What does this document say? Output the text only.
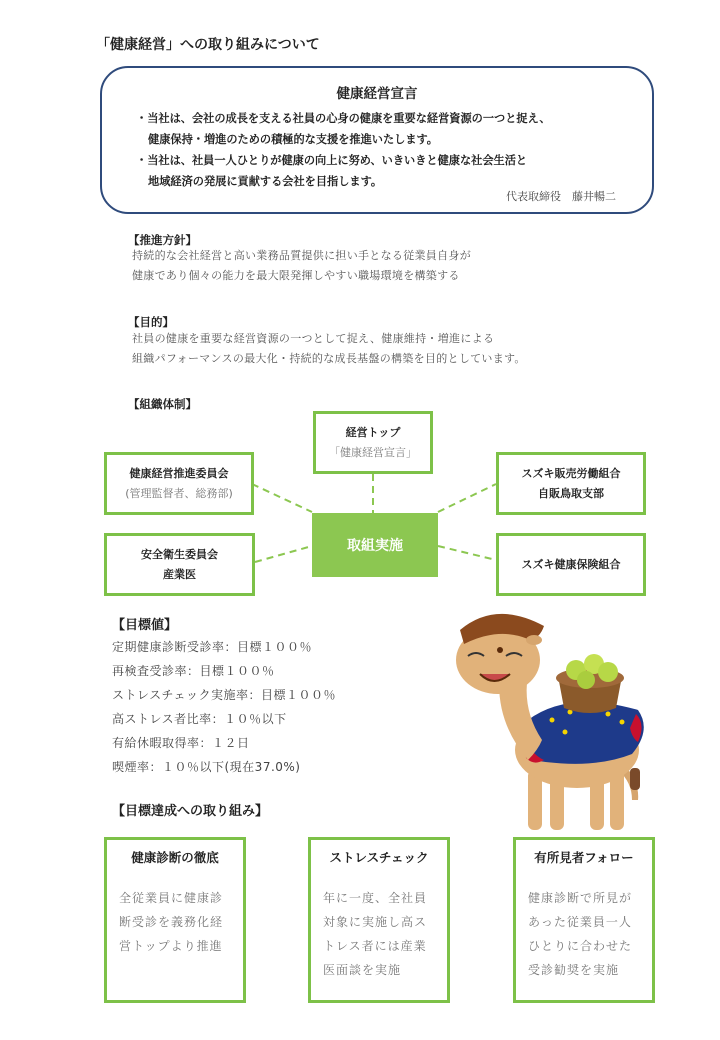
「健康経営」への取り組みについて
健康経営宣言
・当社は、会社の成長を支える社員の心身の健康を重要な経営資源の一つと捉え、
健康保持・増進のための積極的な支援を推進いたします。
・当社は、社員一人ひとりが健康の向上に努め、いきいきと健康な社会生活と
地域経済の発展に貢献する会社を目指します。
代表取締役　藤井暢二
【推進方針】
持続的な会社経営と高い業務品質提供に担い手となる従業員自身が
健康であり個々の能力を最大限発揮しやすい職場環境を構築する
【目的】
社員の健康を重要な経営資源の一つとして捉え、健康維持・増進による
組織パフォーマンスの最大化・持続的な成長基盤の構築を目的としています。
【組織体制】
経営トップ
「健康経営宣言」
健康経営推進委員会
(管理監督者、総務部)
安全衛生委員会
産業医
スズキ販売労働組合
自販鳥取支部
スズキ健康保険組合
取組実施
【目標値】
定期健康診断受診率：目標１００％
再検査受診率：目標１００％
ストレスチェック実施率：目標１００％
高ストレス者比率：１０％以下
有給休暇取得率：１２日
喫煙率：１０％以下(現在37.0%)
【目標達成への取り組み】
健康診断の徹底
全従業員に健康診
断受診を義務化経
営トップより推進
ストレスチェック
年に一度、全社員
対象に実施し高ス
トレス者には産業
医面談を実施
有所見者フォロー
健康診断で所見が
あった従業員一人
ひとりに合わせた
受診勧奨を実施
